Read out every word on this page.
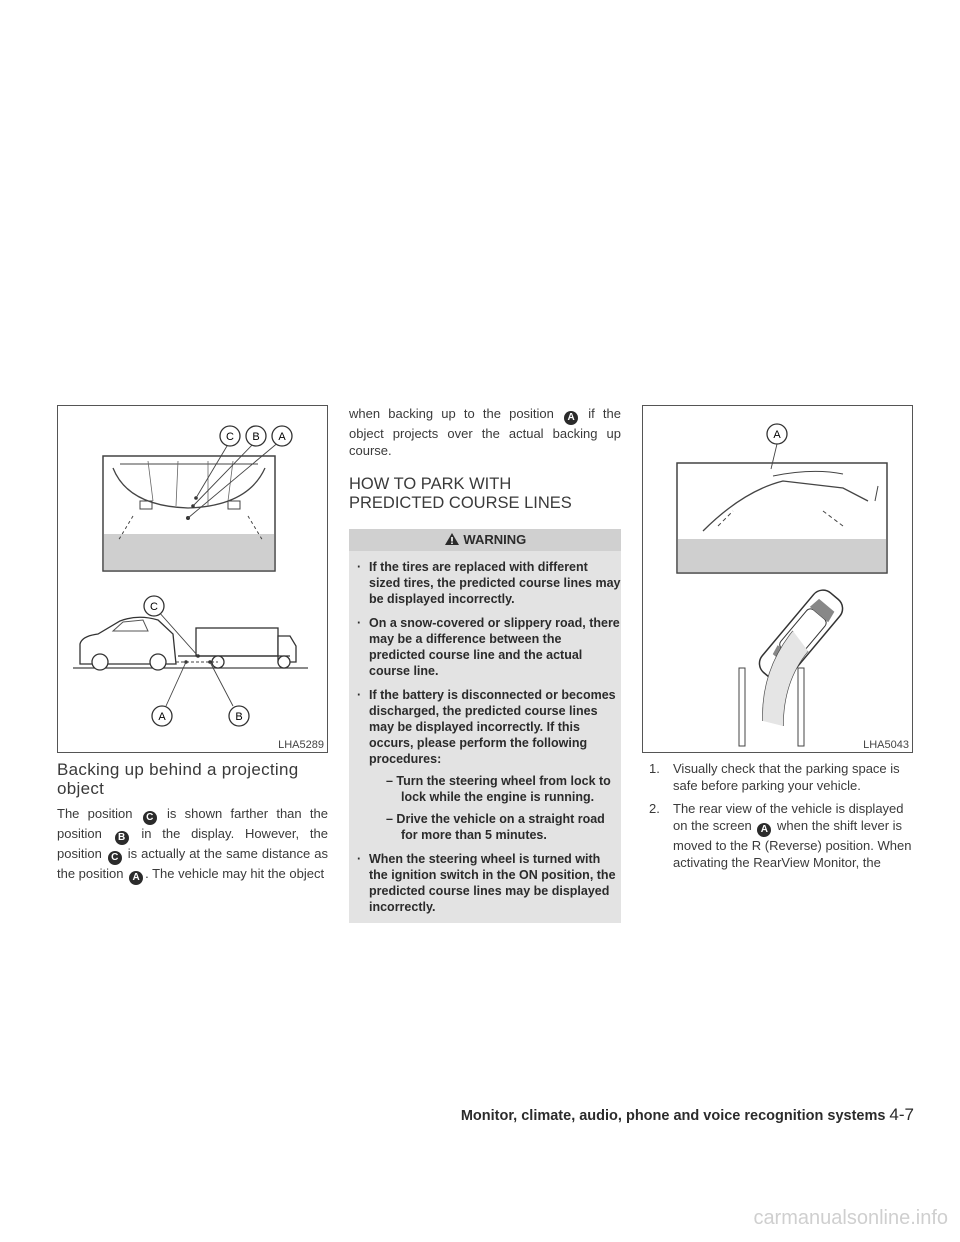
C B A
C
A	B
LHA5289
Backing up behind a projecting object
The position C is shown farther than the position B in the display. However, the position C is actually at the same distance as the position A . The vehicle may hit the object
when backing up to the position A if the object projects over the actual backing up course.
HOW TO PARK WITH
PREDICTED COURSE LINES
WARNING
· If the tires are replaced with different sized tires, the predicted course lines may be displayed incorrectly.
· On a snow-covered or slippery road, there may be a difference between the predicted course line and the actual course line.
· If the battery is disconnected or becomes discharged, the predicted course lines may be displayed incorrectly. If this occurs, please perform the following procedures:
– Turn the steering wheel from lock to lock while the engine is running.
– Drive the vehicle on a straight road for more than 5 minutes.
· When the steering wheel is turned with the ignition switch in the ON position, the predicted course lines may be displayed incorrectly.
A
LHA5043
1. Visually check that the parking space is safe before parking your vehicle.
2. The rear view of the vehicle is displayed on the screen A when the shift lever is moved to the R (Reverse) position. When activating the RearView Monitor, the
Monitor, climate, audio, phone and voice recognition systems 4-7
carmanualsonline.info
